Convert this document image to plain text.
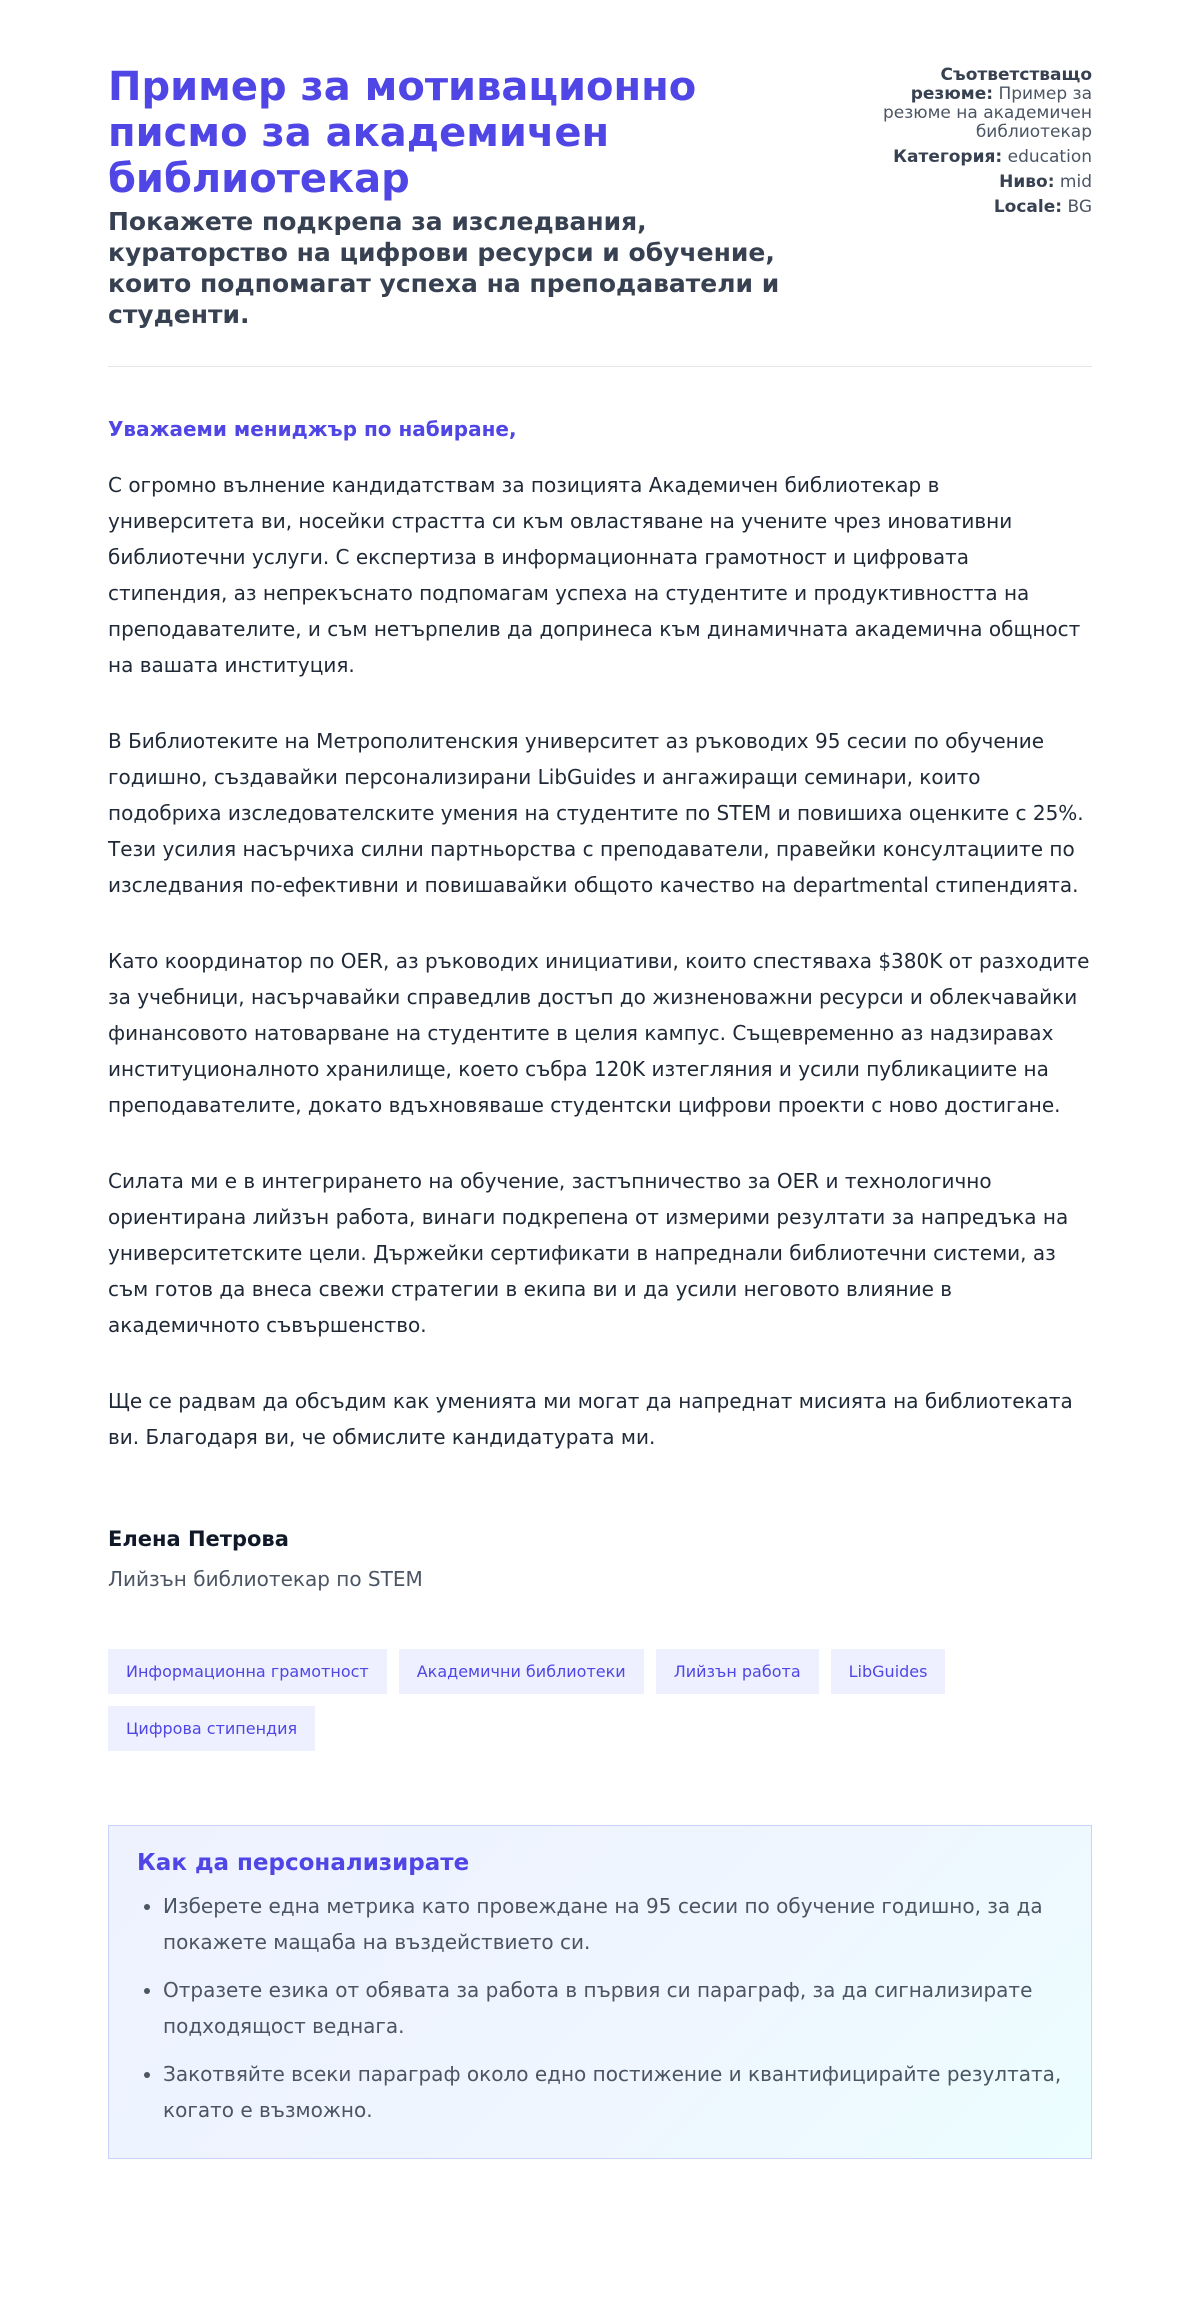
Пример за мотивационно писмо за академичен библиотекар

Покажете подкрепа за изследвания, кураторство на цифрови ресурси и обучение, които подпомагат успеха на преподаватели и студенти.

Съответстващо резюме: Пример за резюме на академичен библиотекар

Категория: education

Ниво: mid

Locale: BG

Уважаеми мениджър по набиране,

С огромно вълнение кандидатствам за позицията Академичен библиотекар в университета ви, носейки страстта си към овластяване на учените чрез иновативни библиотечни услуги. С експертиза в информационната грамотност и цифровата стипендия, аз непрекъснато подпомагам успеха на студентите и продуктивността на преподавателите, и съм нетърпелив да допринеса към динамичната академична общност на вашата институция.

В Библиотеките на Метрополитенския университет аз ръководих 95 сесии по обучение годишно, създавайки персонализирани LibGuides и ангажиращи семинари, които подобриха изследователските умения на студентите по STEM и повишиха оценките с 25%. Тези усилия насърчиха силни партньорства с преподаватели, правейки консултациите по изследвания по-ефективни и повишавайки общото качество на departmental стипендията.

Като координатор по OER, аз ръководих инициативи, които спестяваха $380K от разходите за учебници, насърчавайки справедлив достъп до жизненоважни ресурси и облекчавайки финансовото натоварване на студентите в целия кампус. Същевременно аз надзиравах институционалното хранилище, което събра 120K изтегляния и усили публикациите на преподавателите, докато вдъхновяваше студентски цифрови проекти с ново достигане.

Силата ми е в интегрирането на обучение, застъпничество за OER и технологично ориентирана лийзън работа, винаги подкрепена от измерими резултати за напредъка на университетските цели. Държейки сертификати в напреднали библиотечни системи, аз съм готов да внеса свежи стратегии в екипа ви и да усили неговото влияние в академичното съвършенство.

Ще се радвам да обсъдим как уменията ми могат да напреднат мисията на библиотеката ви. Благодаря ви, че обмислите кандидатурата ми.

Елена Петрова
Лийзън библиотекар по STEM
Информационна грамотност	Академични библиотеки	Лийзън работа	LibGuides
Цифрова стипендия
Как да персонализирате
• Изберете една метрика като провеждане на 95 сесии по обучение годишно, за да покажете мащаба на въздействието си.
• Отразете езика от обявата за работа в първия си параграф, за да сигнализирате подходящост веднага.
• Закотвяйте всеки параграф около едно постижение и квантифицирайте резултата, когато е възможно.
